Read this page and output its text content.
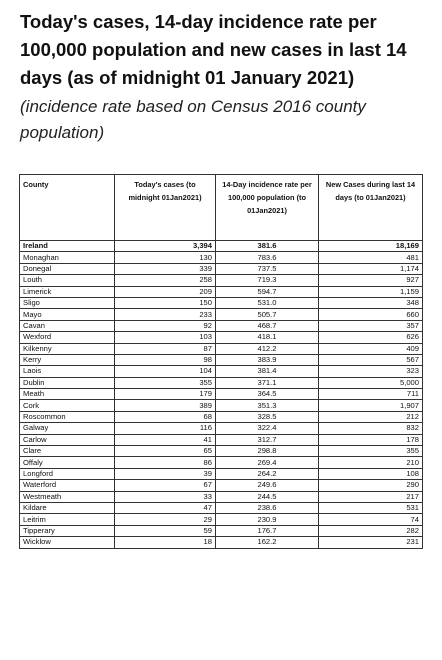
Today's cases, 14-day incidence rate per 100,000 population and new cases in last 14 days (as of midnight 01 January 2021)

(incidence rate based on Census 2016 county population)

County	Today's cases (to midnight 01Jan2021)	14-Day incidence rate per 100,000 population (to 01Jan2021)	New Cases during last 14 days (to 01Jan2021)
Ireland	3,394	381.6	18,169
Monaghan	130	783.6	481
Donegal	339	737.5	1,174
Louth	258	719.3	927
Limerick	209	594.7	1,159
Sligo	150	531.0	348
Mayo	233	505.7	660
Cavan	92	468.7	357
Wexford	103	418.1	626
Kilkenny	87	412.2	409
Kerry	98	383.9	567
Laois	104	381.4	323
Dublin	355	371.1	5,000
Meath	179	364.5	711
Cork	389	351.3	1,907
Roscommon	68	328.5	212
Galway	116	322.4	832
Carlow	41	312.7	178
Clare	65	298.8	355
Offaly	86	269.4	210
Longford	39	264.2	108
Waterford	67	249.6	290
Westmeath	33	244.5	217
Kildare	47	238.6	531
Leitrim	29	230.9	74
Tipperary	59	176.7	282
Wicklow	18	162.2	231
